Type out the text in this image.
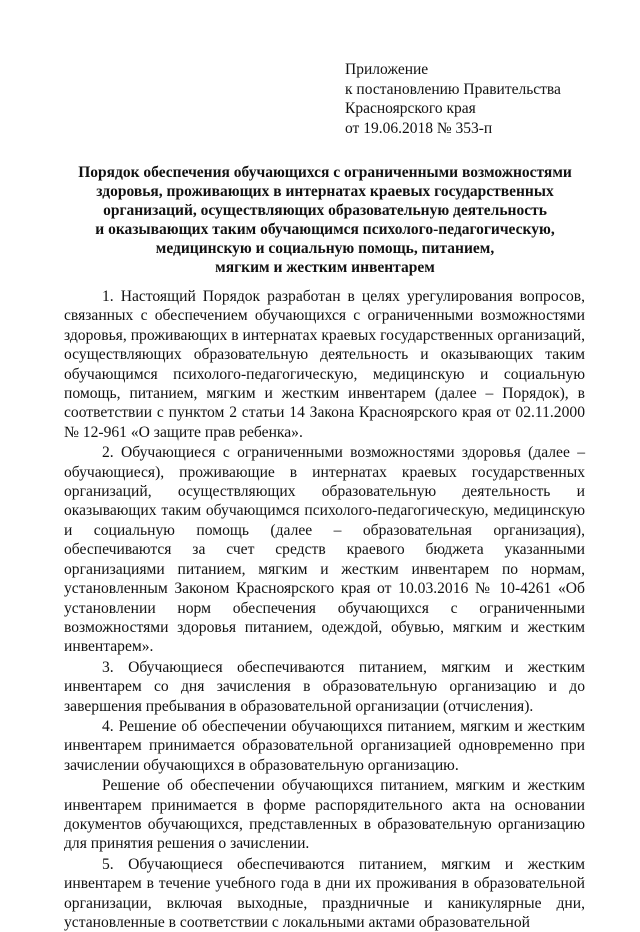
Приложение
к постановлению Правительства
Красноярского края
от 19.06.2018 № 353-п
Порядок обеспечения обучающихся с ограниченными возможностями
здоровья, проживающих в интернатах краевых государственных
организаций, осуществляющих образовательную деятельность
и оказывающих таким обучающимся психолого-педагогическую,
медицинскую и социальную помощь, питанием,
мягким и жестким инвентарем

1. Настоящий Порядок разработан в целях урегулирования вопросов, связанных с обеспечением обучающихся с ограниченными возможностями здоровья, проживающих в интернатах краевых государственных организаций, осуществляющих образовательную деятельность и оказывающих таким обучающимся психолого-педагогическую, медицинскую и социальную помощь, питанием, мягким и жестким инвентарем (далее – Порядок), в соответствии с пунктом 2 статьи 14 Закона Красноярского края от 02.11.2000 № 12-961 «О защите прав ребенка».

2. Обучающиеся с ограниченными возможностями здоровья (далее – обучающиеся), проживающие в интернатах краевых государственных организаций, осуществляющих образовательную деятельность и оказывающих таким обучающимся психолого-педагогическую, медицинскую и социальную помощь (далее – образовательная организация), обеспечиваются за счет средств краевого бюджета указанными организациями питанием, мягким и жестким инвентарем по нормам, установленным Законом Красноярского края от 10.03.2016 № 10-4261 «Об установлении норм обеспечения обучающихся с ограниченными возможностями здоровья питанием, одеждой, обувью, мягким и жестким инвентарем».

3. Обучающиеся обеспечиваются питанием, мягким и жестким инвентарем со дня зачисления в образовательную организацию и до завершения пребывания в образовательной организации (отчисления).

4. Решение об обеспечении обучающихся питанием, мягким и жестким инвентарем принимается образовательной организацией одновременно при зачислении обучающихся в образовательную организацию.

Решение об обеспечении обучающихся питанием, мягким и жестким инвентарем принимается в форме распорядительного акта на основании документов обучающихся, представленных в образовательную организацию для принятия решения о зачислении.

5. Обучающиеся обеспечиваются питанием, мягким и жестким инвентарем в течение учебного года в дни их проживания в образовательной организации, включая выходные, праздничные и каникулярные дни, установленные в соответствии с локальными актами образовательной
